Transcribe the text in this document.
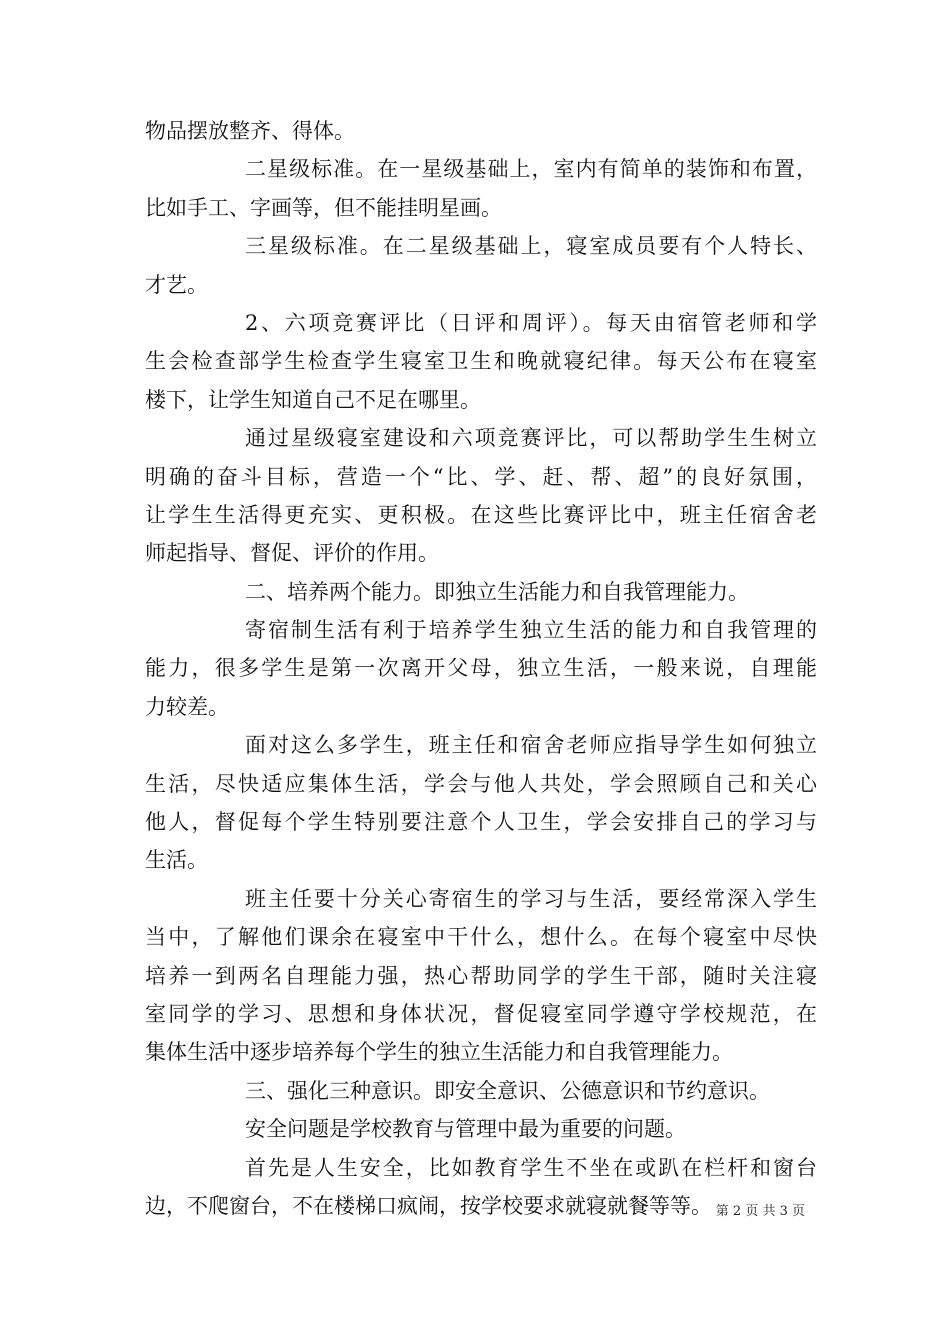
物品摆放整齐、得体。
二星级标准。在一星级基础上，室内有简单的装饰和布置，
比如手工、字画等，但不能挂明星画。
三星级标准。在二星级基础上，寝室成员要有个人特长、
才艺。
2、六项竞赛评比（日评和周评）。每天由宿管老师和学
生会检查部学生检查学生寝室卫生和晚就寝纪律。每天公布在寝室
楼下，让学生知道自己不足在哪里。
通过星级寝室建设和六项竞赛评比，可以帮助学生生树立
明确的奋斗目标，营造一个“比、学、赶、帮、超”的良好氛围，
让学生生活得更充实、更积极。在这些比赛评比中，班主任宿舍老
师起指导、督促、评价的作用。
二、培养两个能力。即独立生活能力和自我管理能力。
寄宿制生活有利于培养学生独立生活的能力和自我管理的
能力，很多学生是第一次离开父母，独立生活，一般来说，自理能
力较差。
面对这么多学生，班主任和宿舍老师应指导学生如何独立
生活，尽快适应集体生活，学会与他人共处，学会照顾自己和关心
他人，督促每个学生特别要注意个人卫生，学会安排自己的学习与
生活。
班主任要十分关心寄宿生的学习与生活，要经常深入学生
当中，了解他们课余在寝室中干什么，想什么。在每个寝室中尽快
培养一到两名自理能力强，热心帮助同学的学生干部，随时关注寝
室同学的学习、思想和身体状况，督促寝室同学遵守学校规范，在
集体生活中逐步培养每个学生的独立生活能力和自我管理能力。
三、强化三种意识。即安全意识、公德意识和节约意识。
安全问题是学校教育与管理中最为重要的问题。
首先是人生安全，比如教育学生不坐在或趴在栏杆和窗台
边，不爬窗台，不在楼梯口疯闹，按学校要求就寝就餐等等。 第 2 页 共 3 页
